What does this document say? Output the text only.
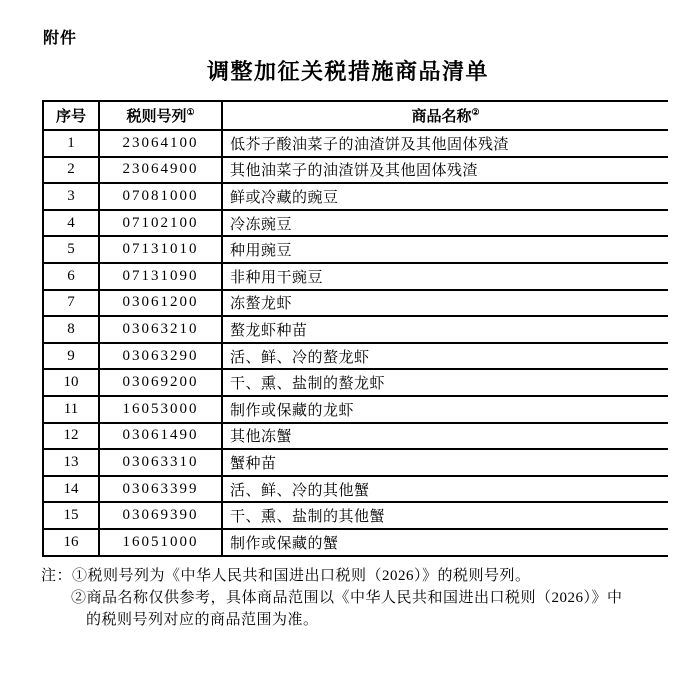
附件
调整加征关税措施商品清单
序号	税则号列①	商品名称②
1	23064100	低芥子酸油菜子的油渣饼及其他固体残渣
2	23064900	其他油菜子的油渣饼及其他固体残渣
3	07081000	鲜或冷藏的豌豆
4	07102100	冷冻豌豆
5	07131010	种用豌豆
6	07131090	非种用干豌豆
7	03061200	冻螯龙虾
8	03063210	螯龙虾种苗
9	03063290	活、鲜、冷的螯龙虾
10	03069200	干、熏、盐制的螯龙虾
11	16053000	制作或保藏的龙虾
12	03061490	其他冻蟹
13	03063310	蟹种苗
14	03063399	活、鲜、冷的其他蟹
15	03069390	干、熏、盐制的其他蟹
16	16051000	制作或保藏的蟹
注：①税则号列为《中华人民共和国进出口税则（2026）》的税则号列。
②商品名称仅供参考，具体商品范围以《中华人民共和国进出口税则（2026）》中
的税则号列对应的商品范围为准。
